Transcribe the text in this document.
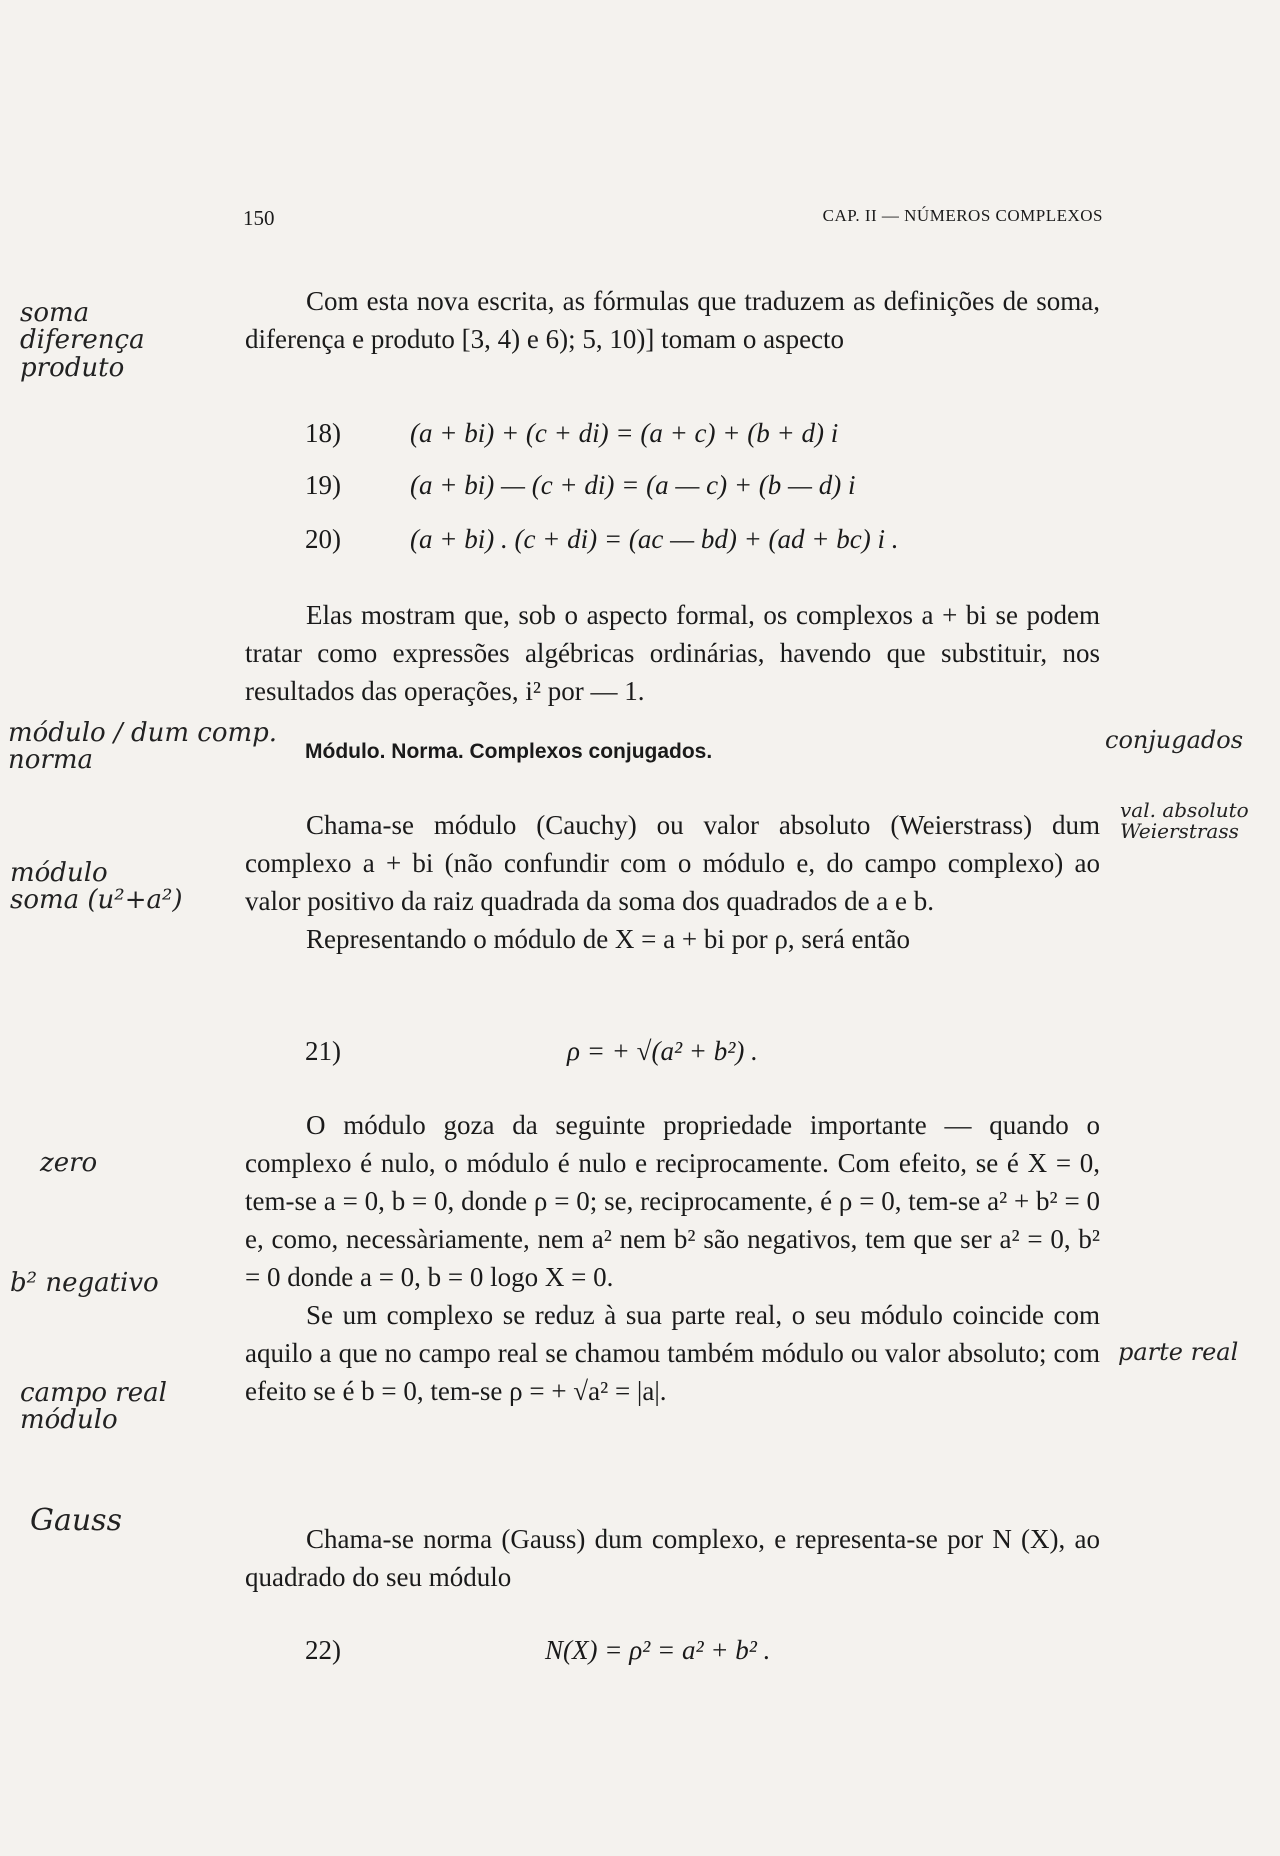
150	CAP. II — NÚMEROS COMPLEXOS

Com esta nova escrita, as fórmulas que traduzem as definições de soma, diferença e produto [3, 4) e 6); 5, 10)] tomam o aspecto

18)	(a + bi) + (c + di) = (a + c) + (b + d) i
19)	(a + bi) — (c + di) = (a — c) + (b — d) i
20)	(a + bi) . (c + di) = (ac — bd) + (ad + bc) i .

Elas mostram que, sob o aspecto formal, os complexos a + bi se podem tratar como expressões algébricas ordinárias, havendo que substituir, nos resultados das operações, i² por — 1.

Módulo. Norma. Complexos conjugados.

Chama-se módulo (Cauchy) ou valor absoluto (Weierstrass) dum complexo a + bi (não confundir com o módulo e, do campo complexo) ao valor positivo da raiz quadrada da soma dos quadrados de a e b.

Representando o módulo de X = a + bi por ρ, será então

21)	ρ = + √(a² + b²) .

O módulo goza da seguinte propriedade importante — quando o complexo é nulo, o módulo é nulo e reciprocamente. Com efeito, se é X = 0, tem-se a = 0, b = 0, donde ρ = 0; se, reciprocamente, é ρ = 0, tem-se a² + b² = 0 e, como, necessàriamente, nem a² nem b² são negativos, tem que ser a² = 0, b² = 0 donde a = 0, b = 0 logo X = 0.

Se um complexo se reduz à sua parte real, o seu módulo coincide com aquilo a que no campo real se chamou também módulo ou valor absoluto; com efeito se é b = 0, tem-se ρ = + √a² = |a|.

Chama-se norma (Gauss) dum complexo, e representa-se por N (X), ao quadrado do seu módulo

22)	N(X) = ρ² = a² + b² .
soma
diferença
produto
módulo / dum comp.
norma
módulo
soma (u²+a²)
conjugados
val. absoluto
Weierstrass
zero
b² negativo
campo real
módulo
Gauss
parte real
